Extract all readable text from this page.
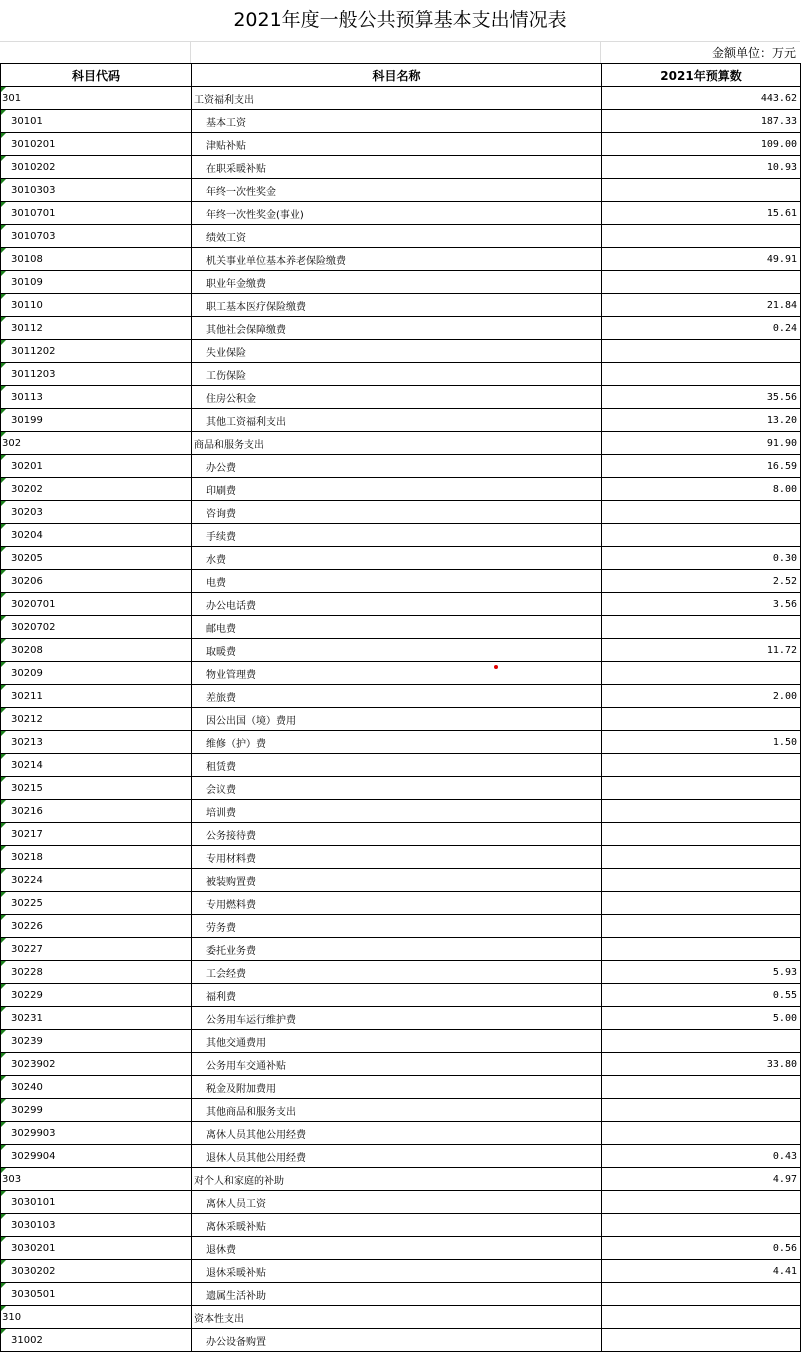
2021年度一般公共预算基本支出情况表
金额单位：万元
科目代码	科目名称	2021年预算数

301	工资福利支出	443.62

30101	基本工资	187.33

3010201	津贴补贴	109.00

3010202	在职采暖补贴	10.93

3010303	年终一次性奖金	

3010701	年终一次性奖金(事业)	15.61

3010703	绩效工资	

30108	机关事业单位基本养老保险缴费	49.91

30109	职业年金缴费	

30110	职工基本医疗保险缴费	21.84

30112	其他社会保障缴费	0.24

3011202	失业保险	

3011203	工伤保险	

30113	住房公积金	35.56

30199	其他工资福利支出	13.20

302	商品和服务支出	91.90

30201	办公费	16.59

30202	印刷费	8.00

30203	咨询费	

30204	手续费	

30205	水费	0.30

30206	电费	2.52

3020701	办公电话费	3.56

3020702	邮电费	

30208	取暖费	11.72

30209	物业管理费	

30211	差旅费	2.00

30212	因公出国（境）费用	

30213	维修（护）费	1.50

30214	租赁费	

30215	会议费	

30216	培训费	

30217	公务接待费	

30218	专用材料费	

30224	被装购置费	

30225	专用燃料费	

30226	劳务费	

30227	委托业务费	

30228	工会经费	5.93

30229	福利费	0.55

30231	公务用车运行维护费	5.00

30239	其他交通费用	

3023902	公务用车交通补贴	33.80

30240	税金及附加费用	

30299	其他商品和服务支出	

3029903	离休人员其他公用经费	

3029904	退休人员其他公用经费	0.43

303	对个人和家庭的补助	4.97

3030101	离休人员工资	

3030103	离休采暖补贴	

3030201	退休费	0.56

3030202	退休采暖补贴	4.41

3030501	遗属生活补助	

310	资本性支出	

31002	办公设备购置	
